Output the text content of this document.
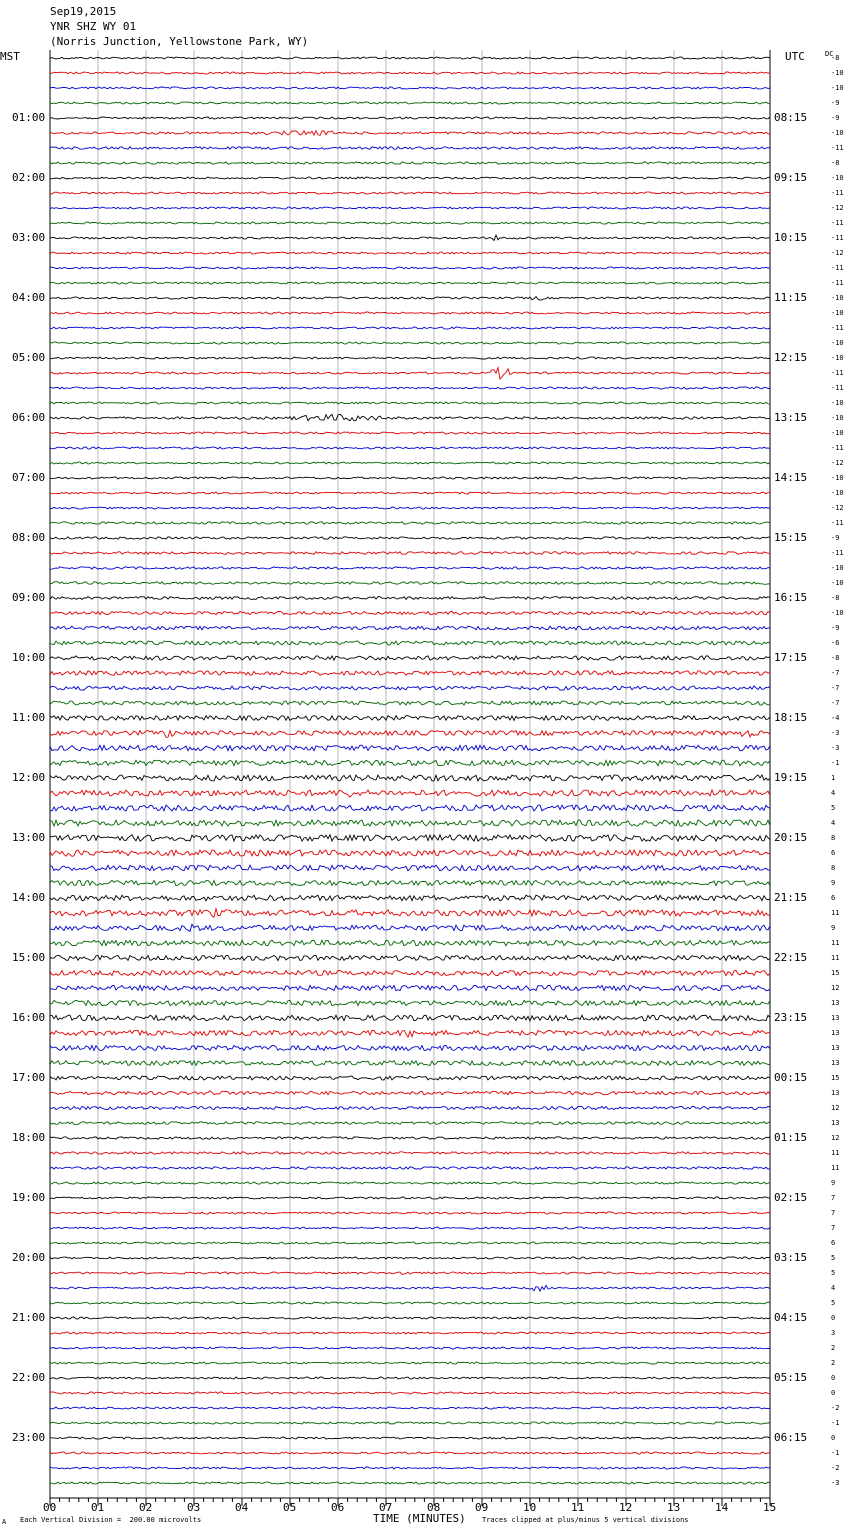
Sep19,2015
YNR SHZ WY 01
(Norris Junction, Yellowstone Park, WY)
MST	UTC	DC
00	01	02	03	04	05	06	07	08	09	10	11	12	13	14	15
-8
-10
-10
-9
-9
-10
-11
-8
-10
-11
-12
-11
-11
-12
-11
-11
-10
-10
-11
-10
-10
-11
-11
-10
-10
-10
-11
-12
-10
-10
-12
-11
-9
-11
-10
-10
-8
-10
-9
-6
-8
-7
-7
-7
-4
-3
-3
-1
1
4
5
4
8
6
8
9
6
11
9
11
11
15
12
13
13
13
13
13
15
13
12
13
12
11
11
9
7
7
7
6
5
5
4
5
0
3
2
2
0
0
-2
-1
0
-1
-2
-3
01:00
02:00
03:00
04:00
05:00
06:00
07:00
08:00
09:00
10:00
11:00
12:00
13:00
14:00
15:00
16:00
17:00
18:00
19:00
20:00
21:00
22:00
23:00
08:15
09:15
10:15
11:15
12:15
13:15
14:15
15:15
16:15
17:15
18:15
19:15
20:15
21:15
22:15
23:15
00:15
01:15
02:15
03:15
04:15
05:15
06:15
A Each Vertical Division =  200.00 microvolts	TIME (MINUTES) Traces clipped at plus/minus 5 vertical divisions
